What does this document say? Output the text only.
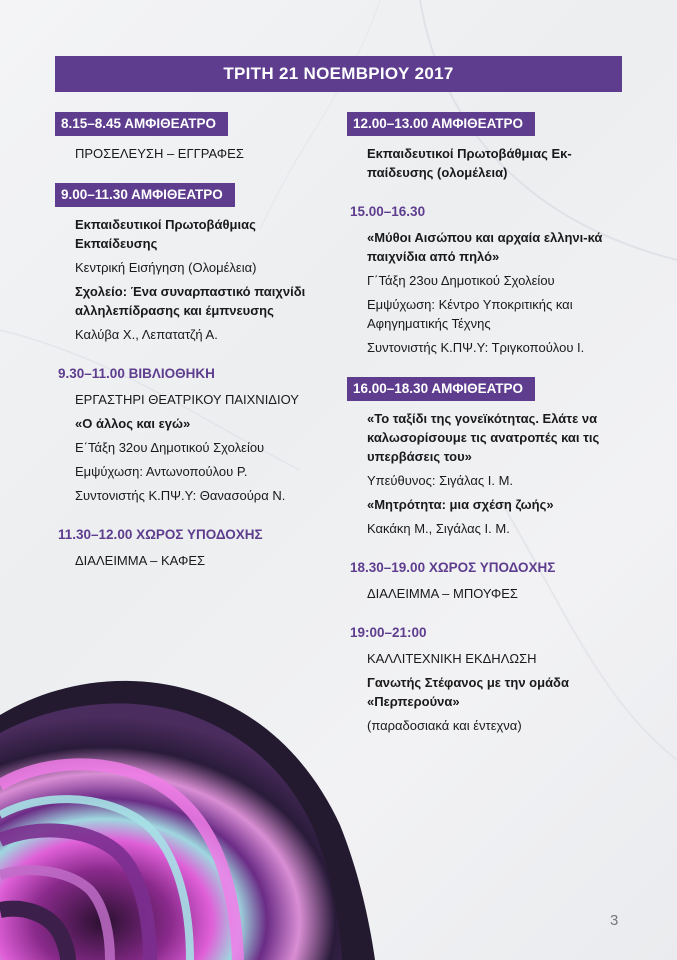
ΤΡΙΤΗ 21 ΝΟΕΜΒΡΙΟΥ 2017
8.15–8.45 ΑΜΦΙΘΕΑΤΡΟ
ΠΡΟΣΕΛΕΥΣΗ – ΕΓΓΡΑΦΕΣ
9.00–11.30 ΑΜΦΙΘΕΑΤΡΟ
Εκπαιδευτικοί Πρωτοβάθμιας Εκπαίδευσης
Κεντρική Εισήγηση (Ολομέλεια)
Σχολείο: Ένα συναρπαστικό παιχνίδι αλληλεπίδρασης και έμπνευσης
Καλύβα Χ., Λεπατατζή Α.
9.30–11.00 ΒΙΒΛΙΟΘΗΚΗ
ΕΡΓΑΣΤΗΡΙ ΘΕΑΤΡΙΚΟΥ ΠΑΙΧΝΙΔΙΟΥ
«Ο άλλος και εγώ»
Ε΄Τάξη 32ου Δημοτικού Σχολείου
Εμψύχωση: Αντωνοπούλου Ρ.
Συντονιστής Κ.ΠΨ.Υ: Θανασούρα Ν.
11.30–12.00 ΧΩΡΟΣ ΥΠΟΔΟΧΗΣ
ΔΙΑΛΕΙΜΜΑ – ΚΑΦΕΣ
12.00–13.00 ΑΜΦΙΘΕΑΤΡΟ
Εκπαιδευτικοί Πρωτοβάθμιας Εκ-παίδευσης (ολομέλεια)
15.00–16.30
«Μύθοι Αισώπου και αρχαία ελληνι-κά παιχνίδια από πηλό»
Γ΄Τάξη 23ου Δημοτικού Σχολείου
Εμψύχωση: Κέντρο Υποκριτικής και Αφηγηματικής Τέχνης
Συντονιστής Κ.ΠΨ.Υ: Τριγκοπούλου Ι.
16.00–18.30 ΑΜΦΙΘΕΑΤΡΟ
«Το ταξίδι της γονεϊκότητας. Ελάτε να καλωσορίσουμε τις ανατροπές και τις υπερβάσεις του»
Υπεύθυνος: Σιγάλας Ι. Μ.
«Μητρότητα: μια σχέση ζωής»
Κακάκη Μ., Σιγάλας Ι. Μ.
18.30–19.00 ΧΩΡΟΣ ΥΠΟΔΟΧΗΣ
ΔΙΑΛΕΙΜΜΑ – ΜΠΟΥΦΕΣ
19:00–21:00
ΚΑΛΛΙΤΕΧΝΙΚΗ ΕΚΔΗΛΩΣΗ
Γανωτής Στέφανος με την ομάδα «Περπερούνα»
(παραδοσιακά και έντεχνα)
3
